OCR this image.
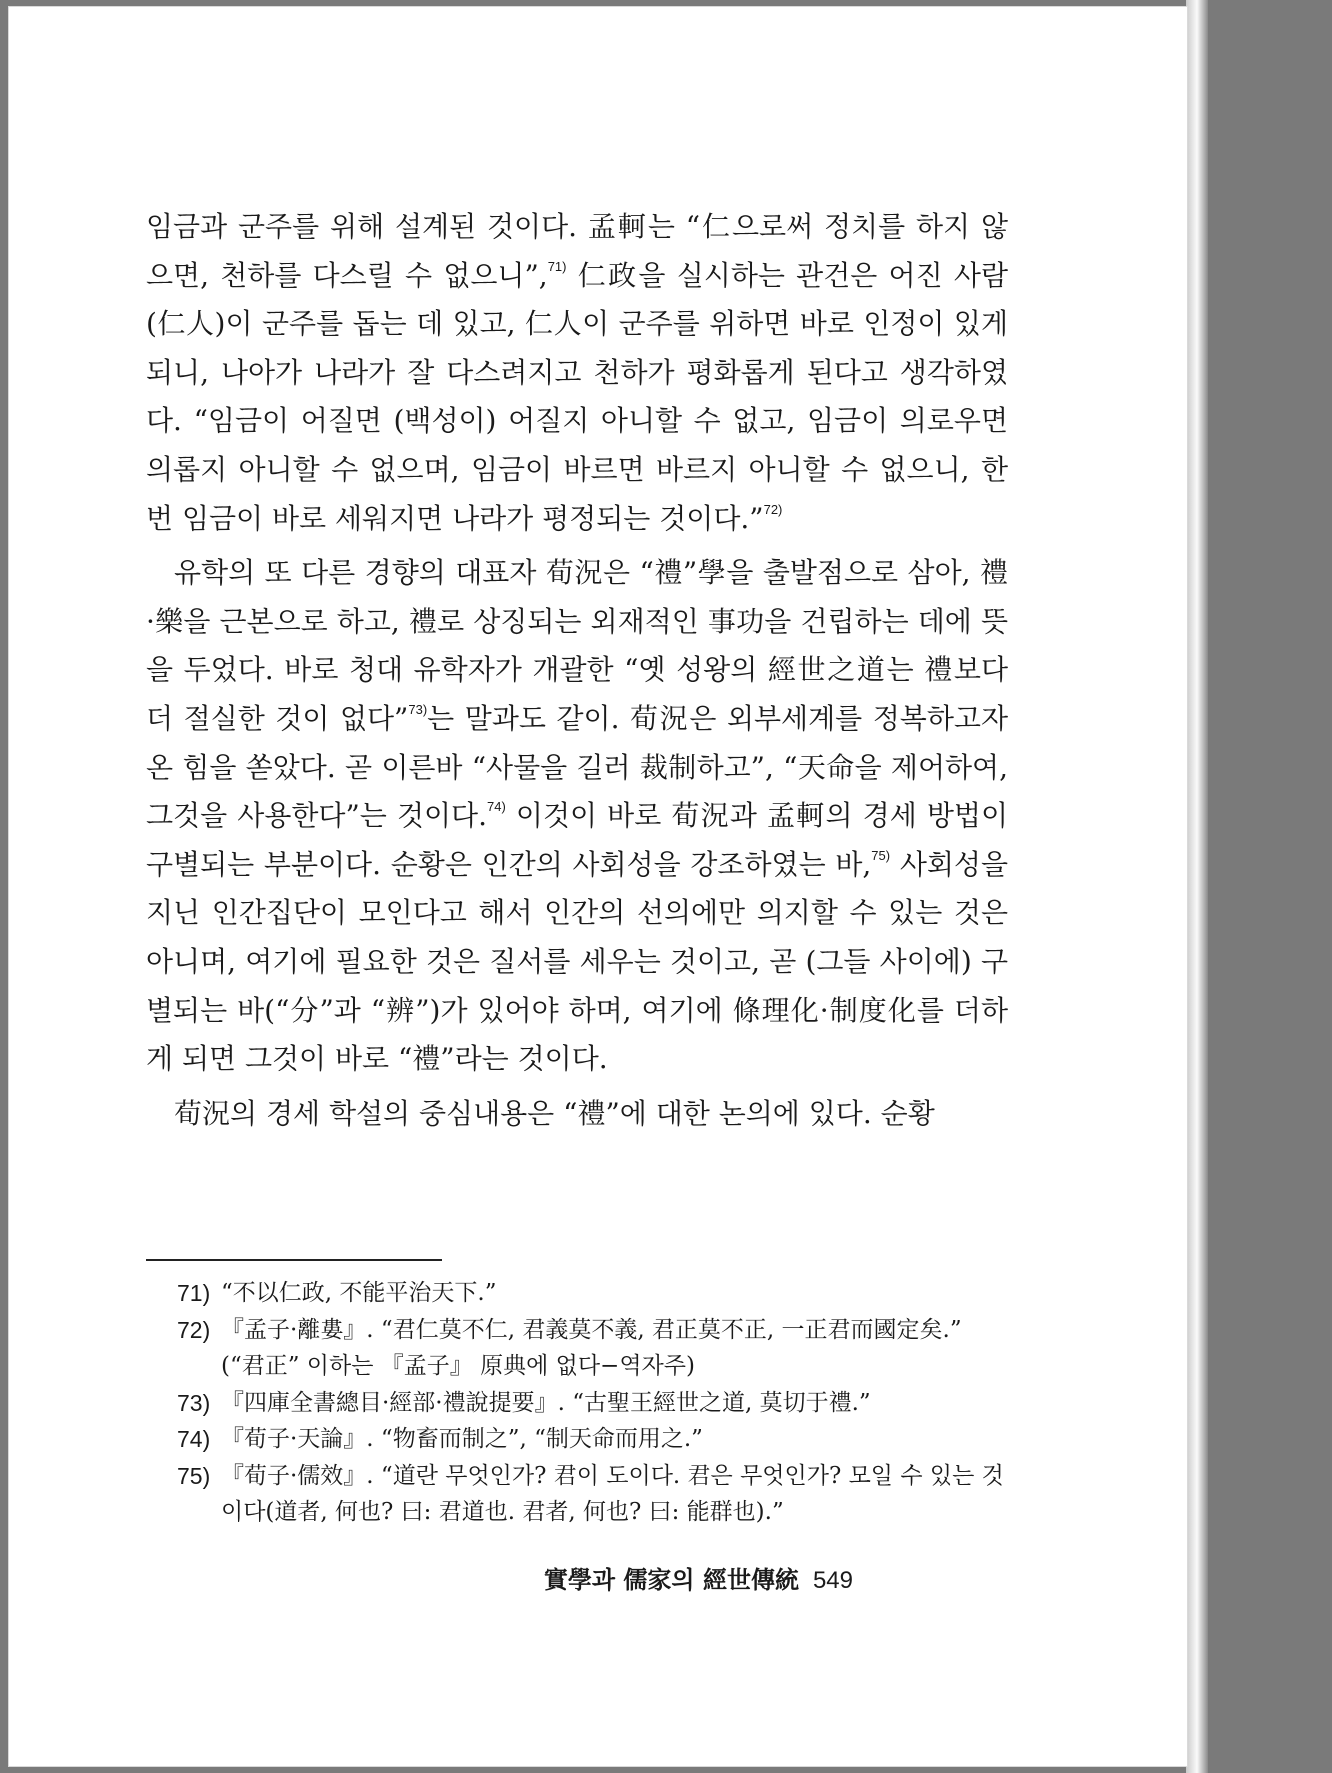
임금과 군주를 위해 설계된 것이다. 孟軻는 “仁으로써 정치를 하지 않으면, 천하를 다스릴 수 없으니”,$^{71)}$ 仁政을 실시하는 관건은 어진 사람(仁人)이 군주를 돕는 데 있고, 仁人이 군주를 위하면 바로 인정이 있게 되니, 나아가 나라가 잘 다스려지고 천하가 평화롭게 된다고 생각하였다. “임금이 어질면 (백성이) 어질지 아니할 수 없고, 임금이 의로우면 의롭지 아니할 수 없으며, 임금이 바르면 바르지 아니할 수 없으니, 한 번 임금이 바로 세워지면 나라가 평정되는 것이다.”$^{72)}$

유학의 또 다른 경향의 대표자 荀況은 “禮”學을 출발점으로 삼아, 禮·樂을 근본으로 하고, 禮로 상징되는 외재적인 事功을 건립하는 데에 뜻을 두었다. 바로 청대 유학자가 개괄한 “옛 성왕의 經世之道는 禮보다 더 절실한 것이 없다”$^{73)}$는 말과도 같이. 荀況은 외부세계를 정복하고자 온 힘을 쏟았다. 곧 이른바 “사물을 길러 裁制하고”, “天命을 제어하여, 그것을 사용한다”는 것이다.$^{74)}$ 이것이 바로 荀況과 孟軻의 경세 방법이 구별되는 부분이다. 순황은 인간의 사회성을 강조하였는 바,$^{75)}$ 사회성을 지닌 인간집단이 모인다고 해서 인간의 선의에만 의지할 수 있는 것은 아니며, 여기에 필요한 것은 질서를 세우는 것이고, 곧 (그들 사이에) 구별되는 바(“分”과 “辨”)가 있어야 하며, 여기에 條理化·制度化를 더하게 되면 그것이 바로 “禮”라는 것이다.

荀況의 경세 학설의 중심내용은 “禮”에 대한 논의에 있다. 순황

71) “不以仁政, 不能平治天下.”
72) 『孟子·離婁』. “君仁莫不仁, 君義莫不義, 君正莫不正, 一正君而國定矣.”
(“君正” 이하는 『孟子』 原典에 없다−역자주)
73) 『四庫全書總目·經部·禮說提要』. “古聖王經世之道, 莫切于禮.”
74) 『荀子·天論』. “物畜而制之”, “制天命而用之.”
75) 『荀子·儒效』. “道란 무엇인가? 君이 도이다. 君은 무엇인가? 모일 수 있는 것이다(道者, 何也? 曰: 君道也. 君者, 何也? 曰: 能群也).”
實學과 儒家의 經世傳統 549
